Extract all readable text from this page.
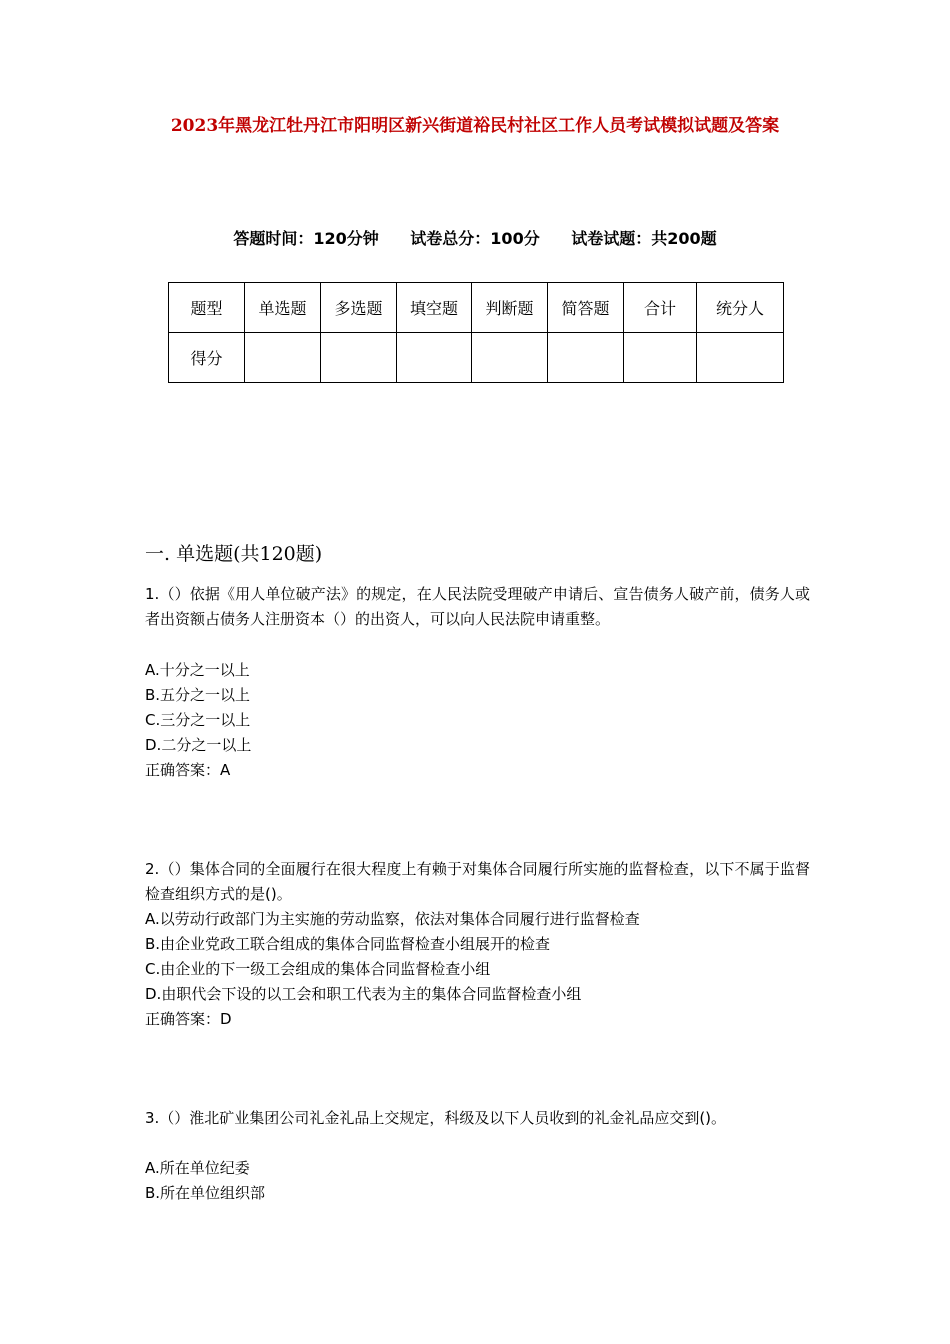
2023年黑龙江牡丹江市阳明区新兴街道裕民村社区工作人员考试模拟试题及答案
答题时间：120分钟 试卷总分：100分 试卷试题：共200题
题型	单选题	多选题	填空题	判断题	简答题	合计	统分人
得分							
一. 单选题(共120题)
1.（）依据《用人单位破产法》的规定，在人民法院受理破产申请后、宣告债务人破产前，债务人或者出资额占债务人注册资本（）的出资人，可以向人民法院申请重整。
A.十分之一以上
B.五分之一以上
C.三分之一以上
D.二分之一以上
正确答案：A
2.（）集体合同的全面履行在很大程度上有赖于对集体合同履行所实施的监督检查，以下不属于监督检查组织方式的是()。
A.以劳动行政部门为主实施的劳动监察，依法对集体合同履行进行监督检查
B.由企业党政工联合组成的集体合同监督检查小组展开的检查
C.由企业的下一级工会组成的集体合同监督检查小组
D.由职代会下设的以工会和职工代表为主的集体合同监督检查小组
正确答案：D
3.（）淮北矿业集团公司礼金礼品上交规定，科级及以下人员收到的礼金礼品应交到()。
A.所在单位纪委
B.所在单位组织部
